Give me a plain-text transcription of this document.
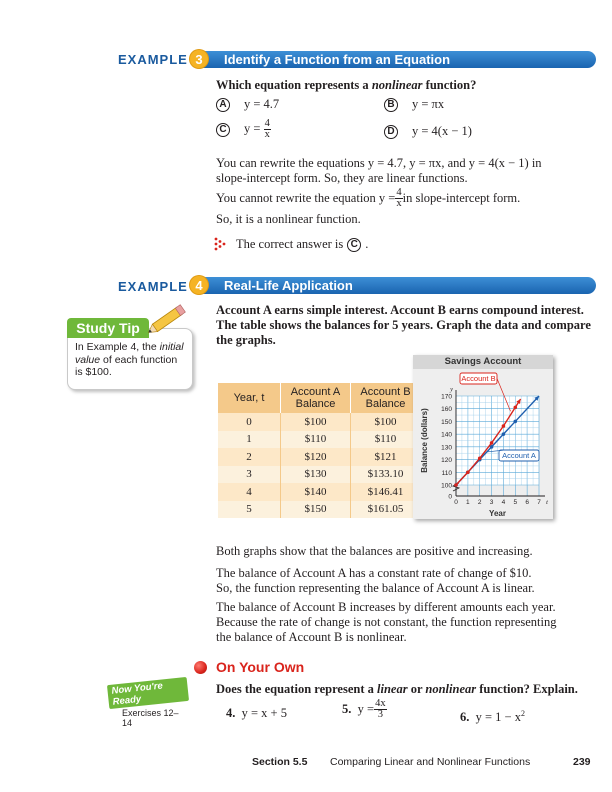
EXAMPLE	Identify a Function from an Equation
3
Which equation represents a nonlinear function?
A y = 4.7	B y = πx
C $y = \frac{4}{x}$	D y = 4(x − 1)
You can rewrite the equations y = 4.7, y = πx, and y = 4(x − 1) in
slope-intercept form. So, they are linear functions.
You cannot rewrite the equation $y = \frac{4}{x}$ in slope-intercept form.
So, it is a nonlinear function.
The correct answer is C .
EXAMPLE	Real-Life Application
4
Account A earns simple interest. Account B earns compound interest.
The table shows the balances for 5 years. Graph the data and compare
the graphs.
Study Tip
In Example 4, the initial
value of each function
is $100.
Year, t	Account A Balance	Account B Balance
0	$100	$100
1	$110	$110
2	$120	$121
3	$130	$133.10
4	$140	$146.41
5	$150	$161.05
Savings Account
100
110
120
130
140
150
160
170
0 1 2 3 4 5 6 7
0
y
t
Year
Balance (dollars)
Account B
Account A
Both graphs show that the balances are positive and increasing.
The balance of Account A has a constant rate of change of $10.
So, the function representing the balance of Account A is linear.
The balance of Account B increases by different amounts each year.
Because the rate of change is not constant, the function representing
the balance of Account B is nonlinear.
On Your Own
Now You're Ready
Exercises 12–14
Does the equation represent a linear or nonlinear function? Explain.
4. y = x + 5	5.
$y = \frac{4x}{3}$	6. $y = 1 - x^2$
Section 5.5 Comparing Linear and Nonlinear Functions	239
